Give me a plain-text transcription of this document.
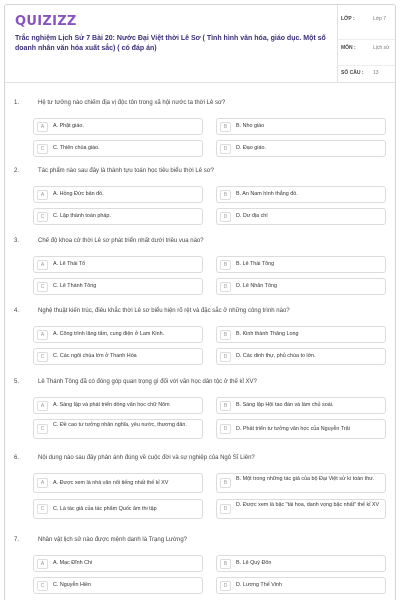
QUIZIZZ
Trắc nghiệm Lịch Sử 7 Bài 20: Nước Đại Việt thời Lê Sơ ( Tình hình văn hóa, giáo dục. Một số doanh nhân văn hóa xuất sắc) ( có đáp án)
LỚP :	Lớp 7
MÔN :	Lịch sử
SỐ CÂU : 13
1.	Hệ tư tưởng nào chiếm địa vị độc tôn trong xã hội nước ta thời Lê sơ?
A	A. Phật giáo.	B	B. Nho giáo
C	C. Thiên chúa giáo.	D	D. Đạo giáo.
2.	Tác phẩm nào sau đây là thành tựu toán học tiêu biểu thời Lê sơ?
A	A. Hồng Đức bản đồ.	B	B. An Nam hình thắng đồ.
C	C. Lập thành toán pháp.	D	D. Dư địa chí
3.	Chế độ khoa cử thời Lê sơ phát triển nhất dưới triều vua nào?
A	A. Lê Thái Tổ	B	B. Lê Thái Tông
C	C. Lê Thánh Tông	D	D. Lê Nhân Tông
4.	Nghệ thuật kiến trúc, điêu khắc thời Lê sơ biểu hiện rõ rệt và đặc sắc ở những công trình nào?
A	A. Công trình lăng tẩm, cung điện ở Lam Kinh.	B	B. Kinh thành Thăng Long
C	C. Các ngôi chùa lớn ở Thanh Hóa	D	D. Các dinh thự, phủ chúa to lớn.
5.	Lê Thánh Tông đã có đóng góp quan trọng gì đối với văn học dân tộc ở thế kỉ XV?
A	A. Sáng lập và phát triển dòng văn học chữ Nôm	B	B. Sáng lập Hội tao đàn và làm chủ soái.
C
C. Đề cao tư tưởng nhân nghĩa, yêu nước, thương dân.
D	D. Phát triển tư tưởng văn học của Nguyễn Trãi
6.	Nội dung nào sau đây phản ánh đúng về cuộc đời và sự nghiệp của Ngô Sĩ Liên?
A	A. Được xem là nhà văn nổi tiếng nhất thế kỉ XV	B
B. Một trong những tác giả của bộ Đại Việt sử kí toàn thư.
C	C. Là tác giả của tác phẩm Quốc âm thi tập	D
D. Được xem là bậc "tài hoa, danh vọng bậc nhất" thế kỉ XV
7.	Nhân vật lịch sử nào được mệnh danh là Trạng Lường?
A	A. Mạc Đĩnh Chi	B	B. Lê Quý Đôn
C	C. Nguyễn Hiền	D	D. Lương Thế Vinh
